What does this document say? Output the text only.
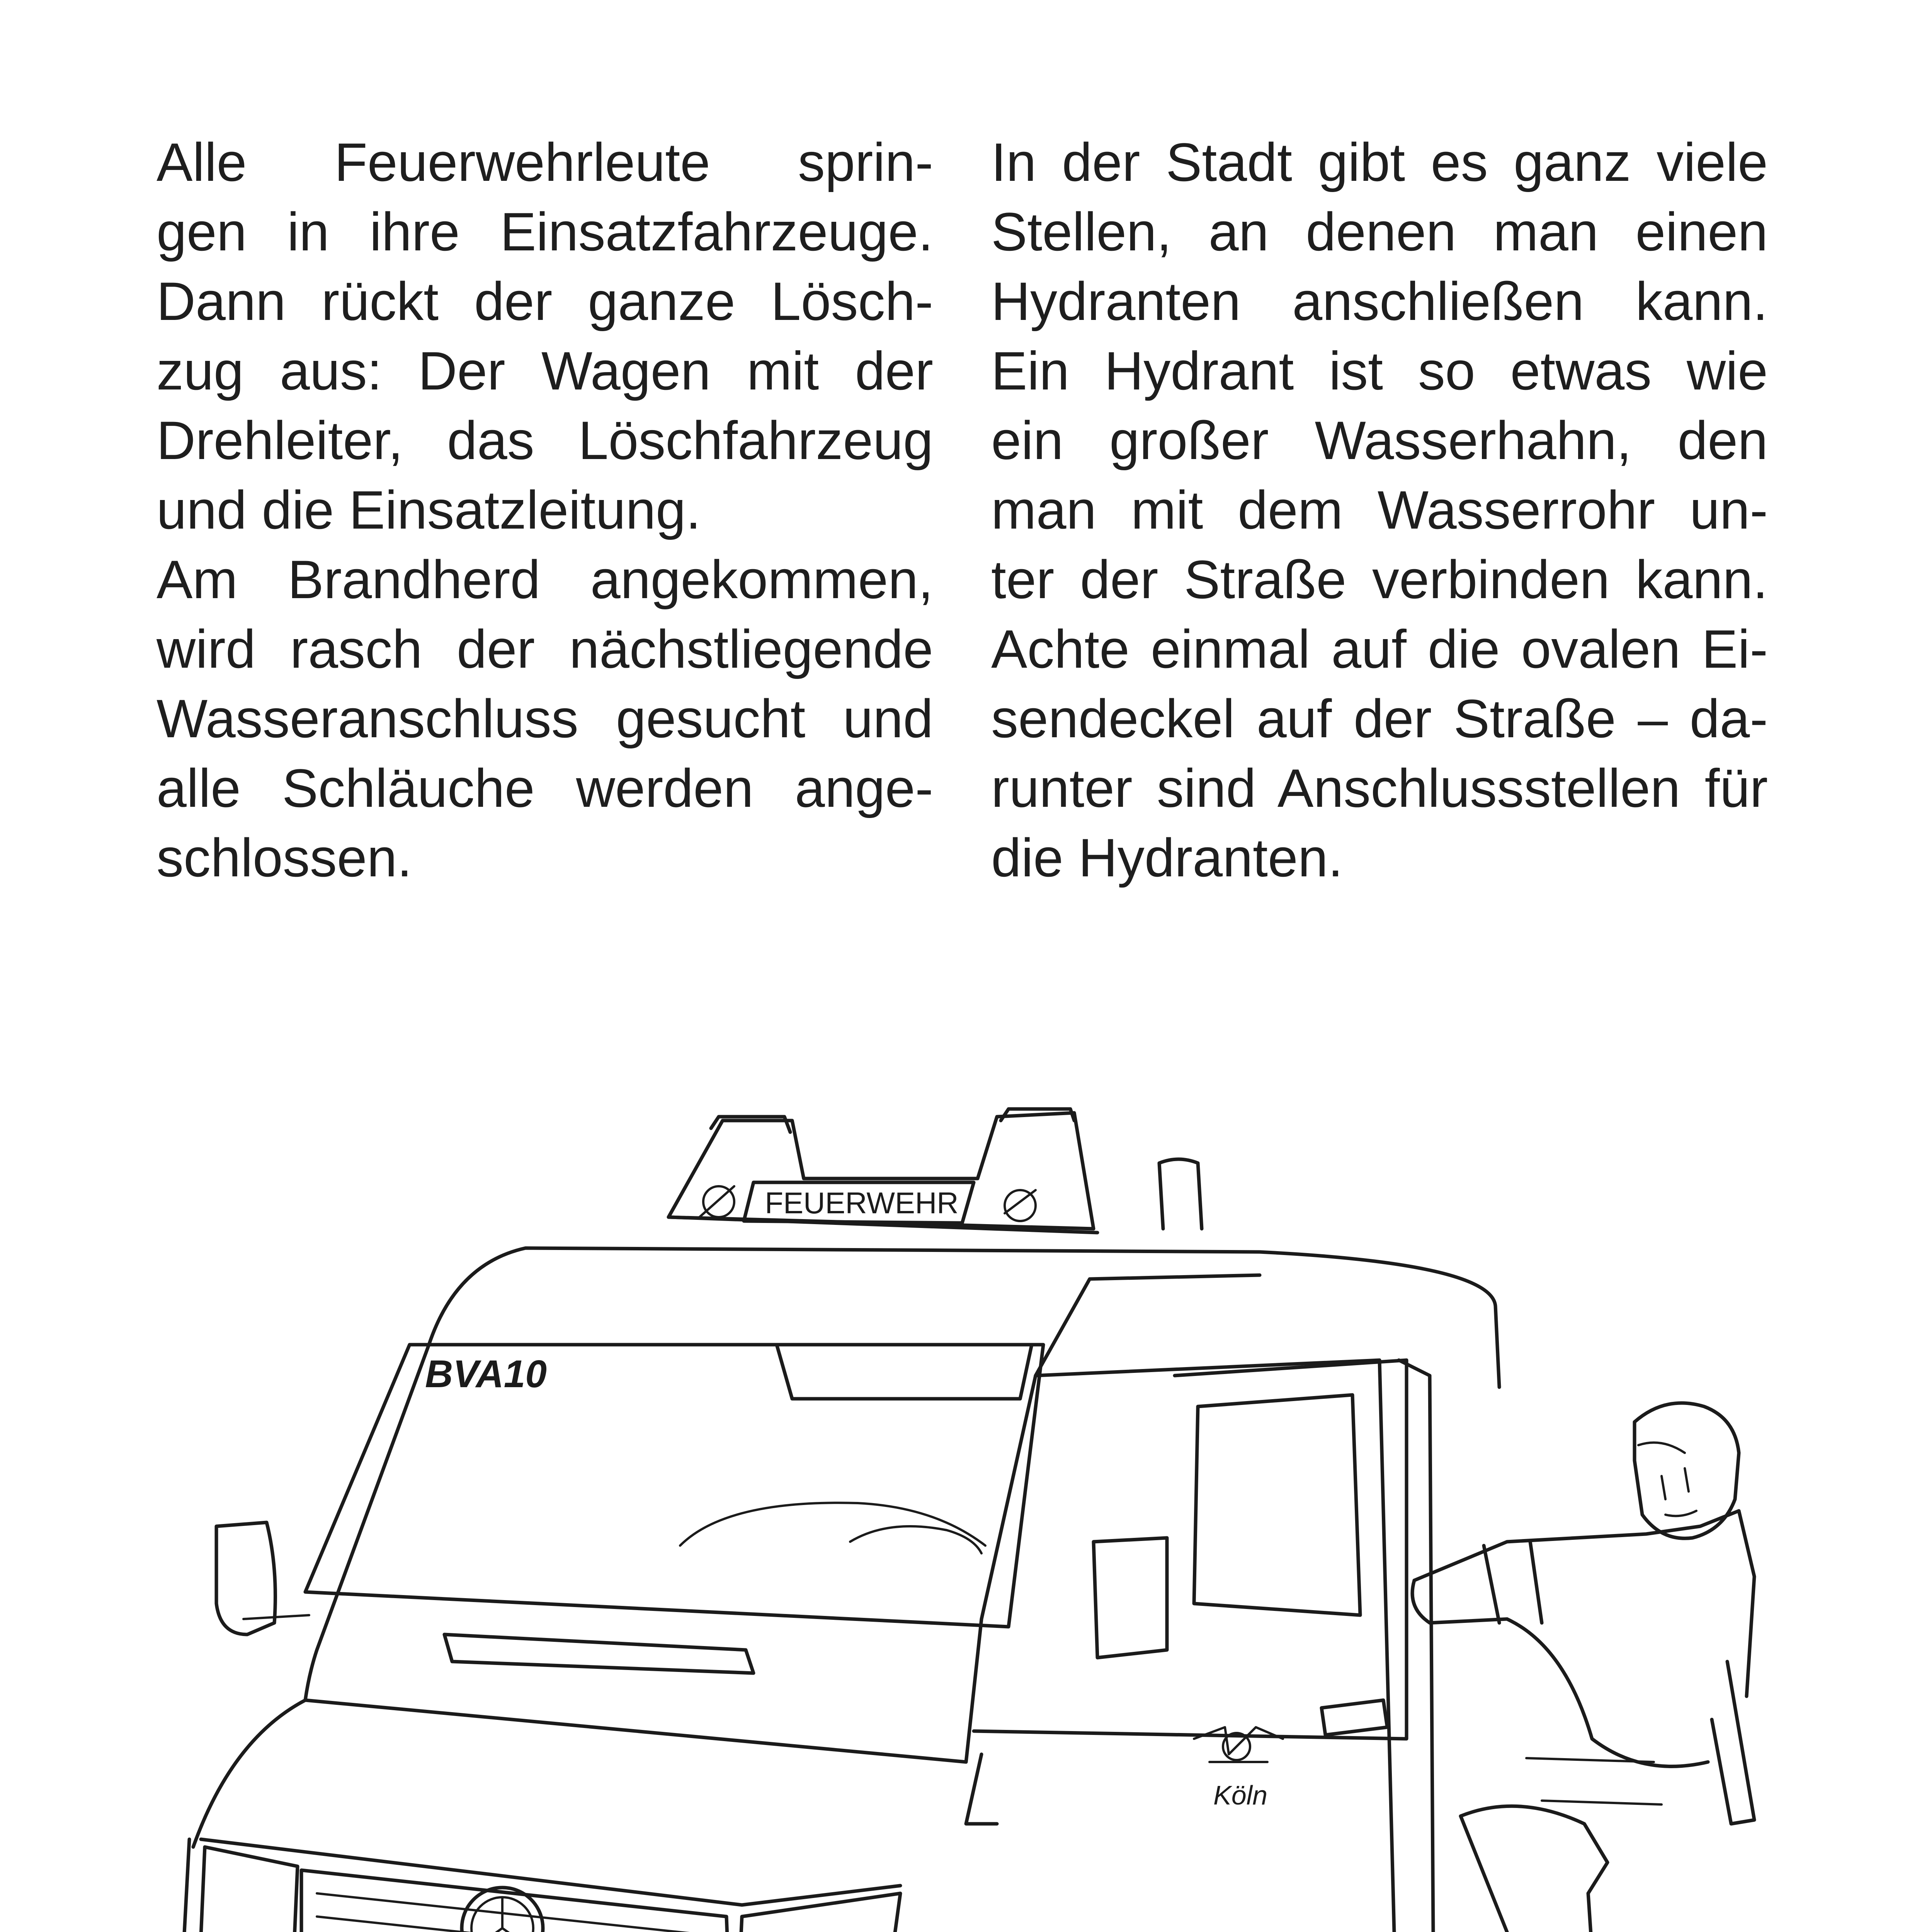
Alle Feuerwehrleute sprin-
gen in ihre Einsatzfahrzeuge.
Dann rückt der ganze Lösch-
zug aus: Der Wagen mit der
Drehleiter, das Löschfahrzeug
und die Einsatzleitung.

Am Brandherd angekommen,
wird rasch der nächstliegende
Wasseranschluss gesucht und
alle Schläuche werden ange-
schlossen.

In der Stadt gibt es ganz viele
Stellen, an denen man einen
Hydranten anschließen kann.
Ein Hydrant ist so etwas wie
ein großer Wasserhahn, den
man mit dem Wasserrohr un-
ter der Straße verbinden kann.
Achte einmal auf die ovalen Ei-
sendeckel auf der Straße – da-
runter sind Anschlussstellen für
die Hydranten.

FEUERWEHR
BVA10
Köln
